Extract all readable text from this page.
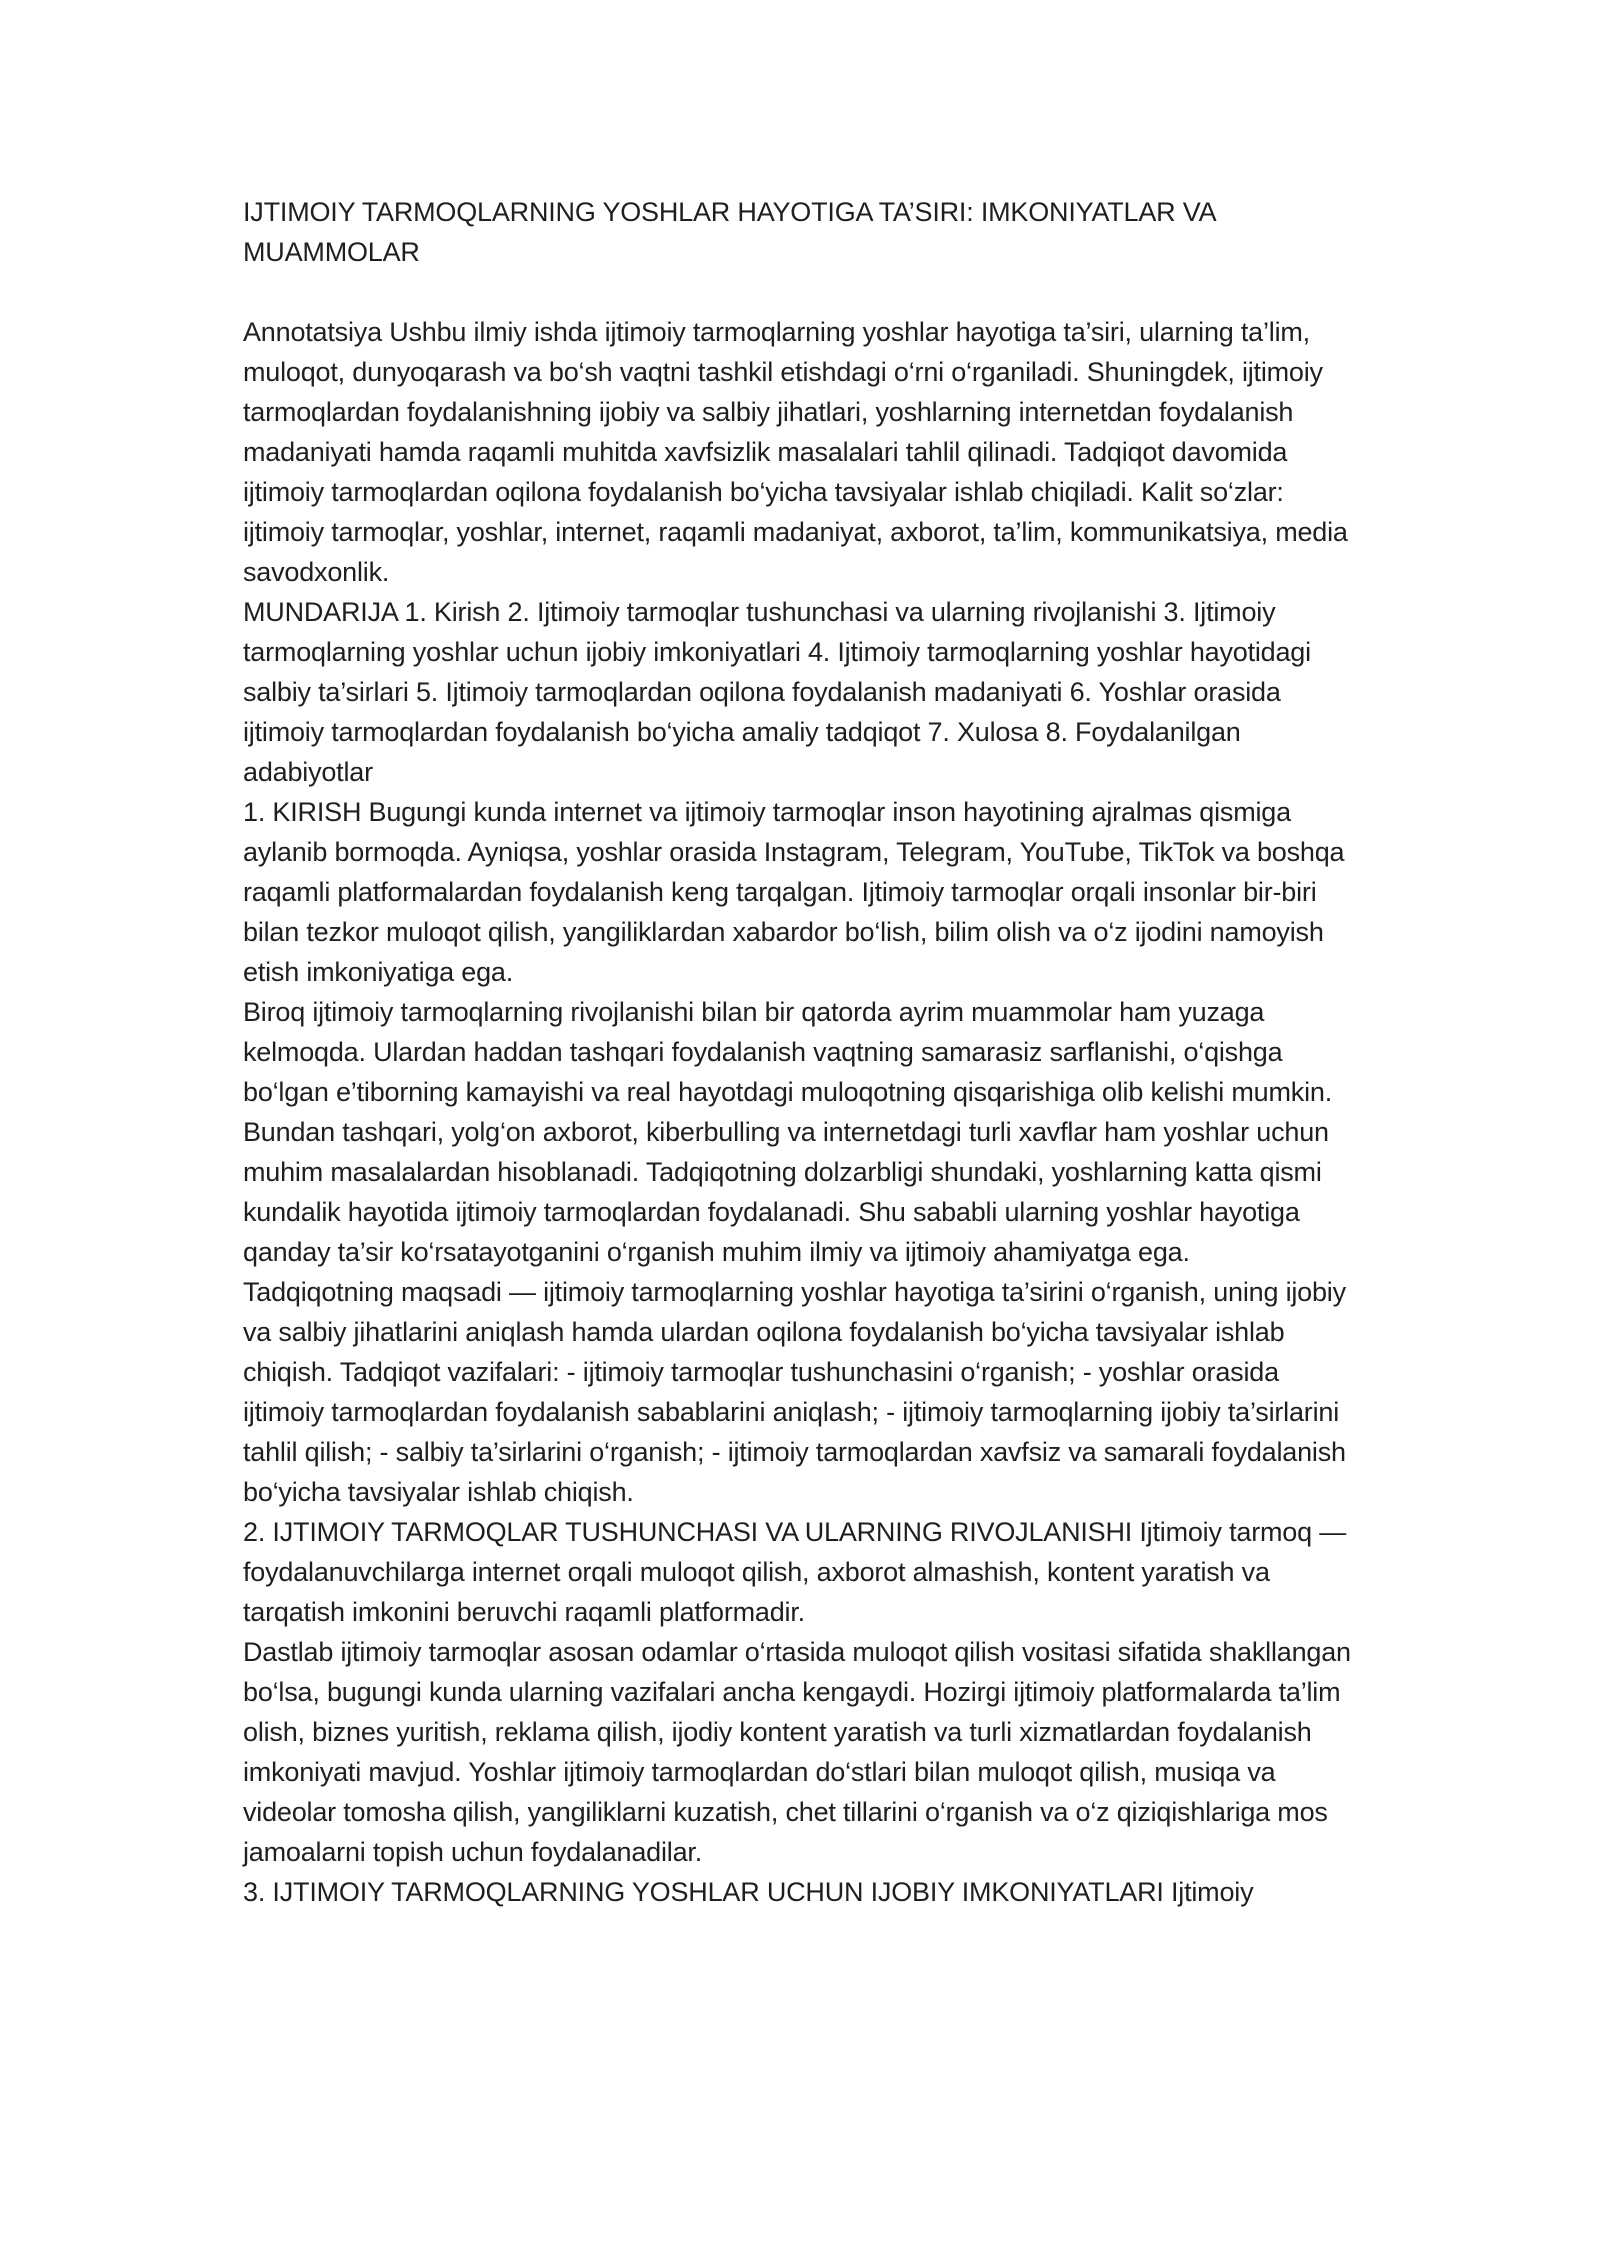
IJTIMOIY TARMOQLARNING YOSHLAR HAYOTIGA TA’SIRI: IMKONIYATLAR VA MUAMMOLAR

Annotatsiya Ushbu ilmiy ishda ijtimoiy tarmoqlarning yoshlar hayotiga ta’siri, ularning ta’lim, muloqot, dunyoqarash va bo‘sh vaqtni tashkil etishdagi o‘rni o‘rganiladi. Shuningdek, ijtimoiy tarmoqlardan foydalanishning ijobiy va salbiy jihatlari, yoshlarning internetdan foydalanish madaniyati hamda raqamli muhitda xavfsizlik masalalari tahlil qilinadi. Tadqiqot davomida ijtimoiy tarmoqlardan oqilona foydalanish bo‘yicha tavsiyalar ishlab chiqiladi. Kalit so‘zlar: ijtimoiy tarmoqlar, yoshlar, internet, raqamli madaniyat, axborot, ta’lim, kommunikatsiya, media savodxonlik.

MUNDARIJA 1. Kirish 2. Ijtimoiy tarmoqlar tushunchasi va ularning rivojlanishi 3. Ijtimoiy tarmoqlarning yoshlar uchun ijobiy imkoniyatlari 4. Ijtimoiy tarmoqlarning yoshlar hayotidagi salbiy ta’sirlari 5. Ijtimoiy tarmoqlardan oqilona foydalanish madaniyati 6. Yoshlar orasida ijtimoiy tarmoqlardan foydalanish bo‘yicha amaliy tadqiqot 7. Xulosa 8. Foydalanilgan adabiyotlar

1. KIRISH Bugungi kunda internet va ijtimoiy tarmoqlar inson hayotining ajralmas qismiga aylanib bormoqda. Ayniqsa, yoshlar orasida Instagram, Telegram, YouTube, TikTok va boshqa raqamli platformalardan foydalanish keng tarqalgan. Ijtimoiy tarmoqlar orqali insonlar bir-biri bilan tezkor muloqot qilish, yangiliklardan xabardor bo‘lish, bilim olish va o‘z ijodini namoyish etish imkoniyatiga ega.

Biroq ijtimoiy tarmoqlarning rivojlanishi bilan bir qatorda ayrim muammolar ham yuzaga kelmoqda. Ulardan haddan tashqari foydalanish vaqtning samarasiz sarflanishi, o‘qishga bo‘lgan e’tiborning kamayishi va real hayotdagi muloqotning qisqarishiga olib kelishi mumkin. Bundan tashqari, yolg‘on axborot, kiberbulling va internetdagi turli xavflar ham yoshlar uchun muhim masalalardan hisoblanadi. Tadqiqotning dolzarbligi shundaki, yoshlarning katta qismi kundalik hayotida ijtimoiy tarmoqlardan foydalanadi. Shu sababli ularning yoshlar hayotiga qanday ta’sir ko‘rsatayotganini o‘rganish muhim ilmiy va ijtimoiy ahamiyatga ega.

Tadqiqotning maqsadi — ijtimoiy tarmoqlarning yoshlar hayotiga ta’sirini o‘rganish, uning ijobiy va salbiy jihatlarini aniqlash hamda ulardan oqilona foydalanish bo‘yicha tavsiyalar ishlab chiqish. Tadqiqot vazifalari: - ijtimoiy tarmoqlar tushunchasini o‘rganish; - yoshlar orasida ijtimoiy tarmoqlardan foydalanish sabablarini aniqlash; - ijtimoiy tarmoqlarning ijobiy ta’sirlarini tahlil qilish; - salbiy ta’sirlarini o‘rganish; - ijtimoiy tarmoqlardan xavfsiz va samarali foydalanish bo‘yicha tavsiyalar ishlab chiqish.

2. IJTIMOIY TARMOQLAR TUSHUNCHASI VA ULARNING RIVOJLANISHI Ijtimoiy tarmoq — foydalanuvchilarga internet orqali muloqot qilish, axborot almashish, kontent yaratish va tarqatish imkonini beruvchi raqamli platformadir.

Dastlab ijtimoiy tarmoqlar asosan odamlar o‘rtasida muloqot qilish vositasi sifatida shakllangan bo‘lsa, bugungi kunda ularning vazifalari ancha kengaydi. Hozirgi ijtimoiy platformalarda ta’lim olish, biznes yuritish, reklama qilish, ijodiy kontent yaratish va turli xizmatlardan foydalanish imkoniyati mavjud. Yoshlar ijtimoiy tarmoqlardan do‘stlari bilan muloqot qilish, musiqa va videolar tomosha qilish, yangiliklarni kuzatish, chet tillarini o‘rganish va o‘z qiziqishlariga mos jamoalarni topish uchun foydalanadilar.

3. IJTIMOIY TARMOQLARNING YOSHLAR UCHUN IJOBIY IMKONIYATLARI Ijtimoiy
